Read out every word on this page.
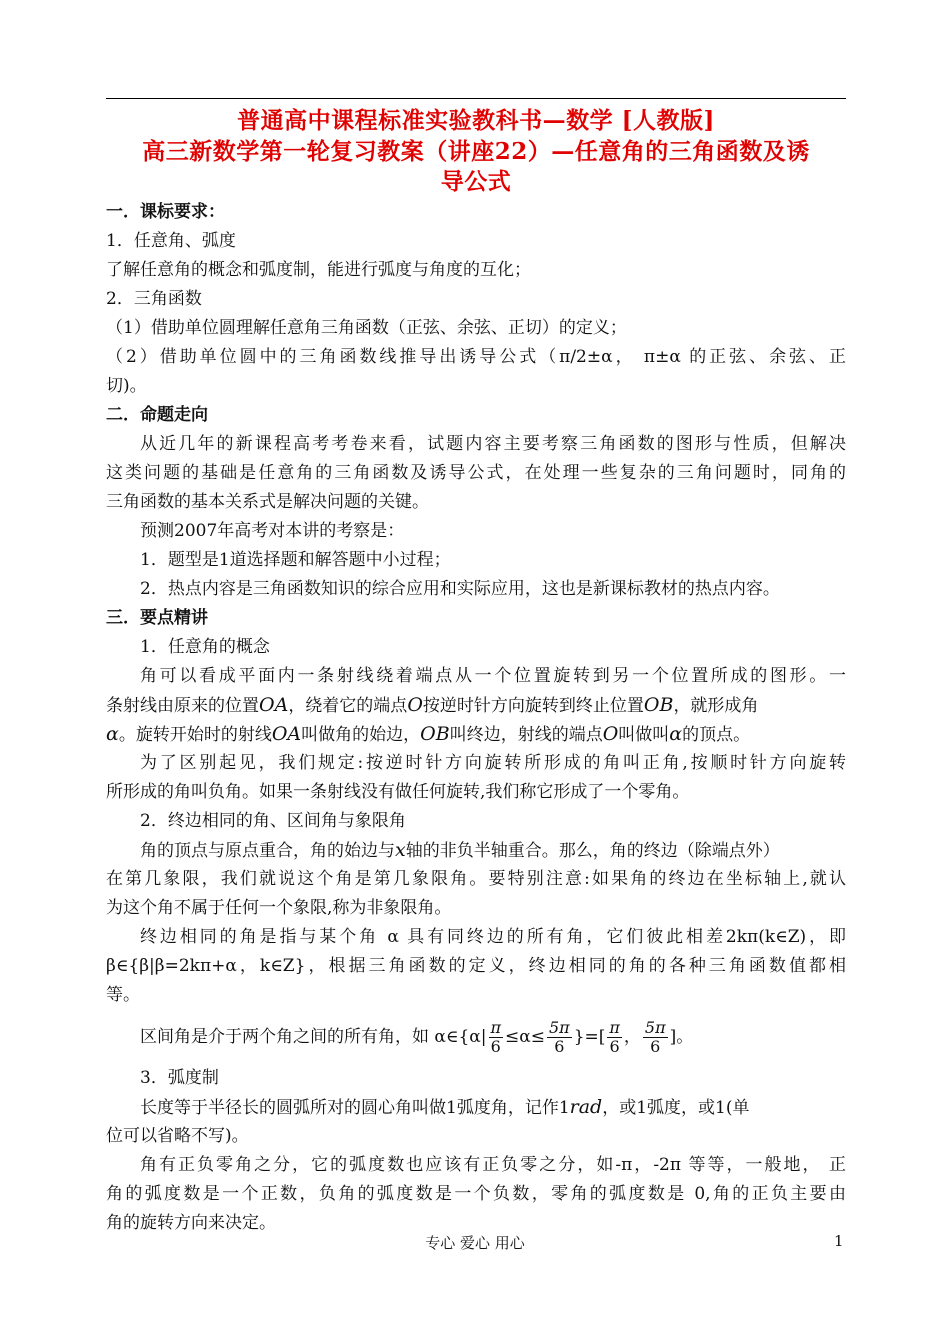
普通高中课程标准实验教科书—数学 [人教版]
高三新数学第一轮复习教案（讲座22）—任意角的三角函数及诱
导公式
一．课标要求：
1．任意角、弧度
了解任意角的概念和弧度制，能进行弧度与角度的互化；
2．三角函数
（1）借助单位圆理解任意角三角函数（正弦、余弦、正切）的定义；
（2）借助单位圆中的三角函数线推导出诱导公式（π/2±α， π±α 的正弦、余弦、正
切)。
二．命题走向
从近几年的新课程高考考卷来看，试题内容主要考察三角函数的图形与性质，但解决
这类问题的基础是任意角的三角函数及诱导公式，在处理一些复杂的三角问题时，同角的
三角函数的基本关系式是解决问题的关键。
预测2007年高考对本讲的考察是：
1．题型是1道选择题和解答题中小过程；
2．热点内容是三角函数知识的综合应用和实际应用，这也是新课标教材的热点内容。
三．要点精讲
1．任意角的概念
角可以看成平面内一条射线绕着端点从一个位置旋转到另一个位置所成的图形。一
条射线由原来的位置OA，绕着它的端点O按逆时针方向旋转到终止位置OB，就形成角
α。旋转开始时的射线OA叫做角的始边，OB叫终边，射线的端点O叫做叫α的顶点。
为了区别起见，我们规定:按逆时针方向旋转所形成的角叫正角,按顺时针方向旋转
所形成的角叫负角。如果一条射线没有做任何旋转,我们称它形成了一个零角。
2．终边相同的角、区间角与象限角
角的顶点与原点重合，角的始边与x轴的非负半轴重合。那么，角的终边（除端点外）
在第几象限，我们就说这个角是第几象限角。要特别注意:如果角的终边在坐标轴上,就认
为这个角不属于任何一个象限,称为非象限角。
终边相同的角是指与某个角 α 具有同终边的所有角，它们彼此相差2kπ(k∈Z)，即
β∈{β|β=2kπ+α，k∈Z}，根据三角函数的定义，终边相同的角的各种三角函数值都相
等。
区间角是介于两个角之间的所有角，如 α∈{α| $\frac{\pi}{6} \le\alpha\le \frac{5\pi}{6}$ }=[ $\frac{\pi}{6}$ ， $\frac{5\pi}{6}$ ]。
3．弧度制
长度等于半径长的圆弧所对的圆心角叫做1弧度角，记作1rad，或1弧度，或1(单
位可以省略不写)。
角有正负零角之分，它的弧度数也应该有正负零之分，如-π，-2π 等等，一般地， 正
角的弧度数是一个正数，负角的弧度数是一个负数，零角的弧度数是 0,角的正负主要由
角的旋转方向来决定。
专心 爱心 用心	1
